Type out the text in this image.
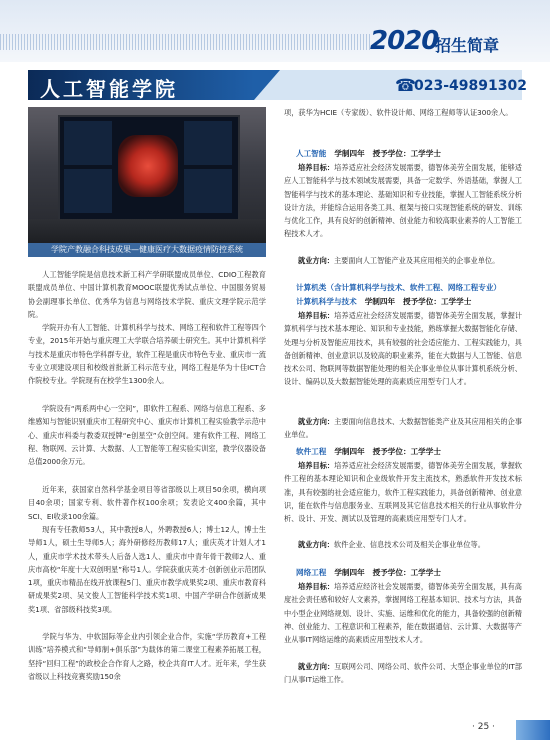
2020
招生简章
人工智能学院	☎
023-49891302
学院产教融合科技成果—健康医疗大数据疫情防控系统
人工智能学院是信息技术新工科产学研联盟成员单位、CDIO工程教育联盟成员单位、中国计算机教育MOOC联盟优秀试点单位、中国服务贸易协会副理事长单位、优秀华为信息与网络技术学院、重庆文理学院示范学院。
学院开办有人工智能、计算机科学与技术、网络工程和软件工程等四个专业，2015年开始与重庆理工大学联合培养硕士研究生。其中计算机科学与技术是重庆市特色学科群专业，软件工程是重庆市特色专业、重庆市一流专业立项建设项目和校级首批新工科示范专业，网络工程是华为十佳ICT合作院校专业。学院现有在校学生1300余人。
学院设有“两系两中心一空间”，即软件工程系、网络与信息工程系、多维感知与智能识别重庆市工程研究中心、重庆市计算机工程实验教学示范中心、重庆市科委与教委双授牌“e创星空”众创空间。建有软件工程、网络工程、物联网、云计算、大数据、人工智能等工程实验实训室，教学仪器设备总值2000余万元。
近年来，获国家自然科学基金项目等省部级以上项目50余项，横向项目40余项；国家专利、软件著作权100余项；发表论文400余篇，其中SCI、EI收录100余篇。
现有专任教师53人，其中教授8人，外聘教授6人；博士12人，博士生导师1人，硕士生导师5人；海外研修经历教师17人；重庆英才计划人才1人，重庆市学术技术带头人后备人选1人、重庆市中青年骨干教师2人、重庆市高校“年度十大双创明星”称号1人。学院获重庆英才·创新创业示范团队1项，重庆市精品在线开放课程5门、重庆市教学成果奖2项、重庆市教育科研成果奖2项、吴文俊人工智能科学技术奖1项、中国产学研合作创新成果奖1项、省部级科技奖3项。
学院与华为、中软国际等企业内引领企业合作，实施“学历教育+工程训练”培养模式和“导师制+俱乐部”为载体的第二课堂工程素养拓展工程，坚持“回归工程”的政校企合作育人之路，校企共育IT人才。近年来，学生获省级以上科技竞赛奖励150余
项，获华为HCIE（专家级）、软件设计师、网络工程师等认证300余人。
人工智能 学制四年 授予学位：工学学士
培养目标：培养适应社会经济发展需要，德智体美劳全面发展，能够适应人工智能科学与技术领域发展需要，具备一定数学、外语基础，掌握人工智能科学与技术的基本理论、基础知识和专业技能，掌握人工智能系统分析设计方法，并能综合运用各类工具、框架与接口实现智能系统的研发、训练与优化工作，具有良好的创新精神、创业能力和较高职业素养的人工智能工程技术人才。
就业方向：主要面向人工智能产业及其应用相关的企事业单位。
计算机类（含计算机科学与技术、软件工程、网络工程专业）
计算机科学与技术 学制四年 授予学位：工学学士
培养目标：培养适应社会经济发展需要，德智体美劳全面发展，掌握计算机科学与技术基本理论、知识和专业技能，熟练掌握大数据智能化存储、处理与分析及智能应用技术，具有较强的社会适应能力、工程实践能力，具备创新精神、创业意识以及较高的职业素养，能在大数据与人工智能、信息技术公司、物联网等数据智能处理的相关企事业单位从事计算机系统分析、设计、编码以及大数据智能处理的高素质应用型专门人才。
就业方向：主要面向信息技术、大数据智能类产业及其应用相关的企事业单位。
软件工程 学制四年 授予学位：工学学士
培养目标：培养适应社会经济发展需要，德智体美劳全面发展，掌握软件工程的基本理论知识和企业级软件开发主流技术，熟悉软件开发技术标准，具有较强的社会适应能力，软件工程实践能力，具备创新精神、创业意识，能在软件与信息服务业、互联网及其它信息技术相关的行业从事软件分析、设计、开发、测试以及管理的高素质应用型专门人才。
就业方向：软件企业、信息技术公司及相关企事业单位等。
网络工程 学制四年 授予学位：工学学士
培养目标：培养适应经济社会发展需要，德智体美劳全面发展，具有高度社会责任感和较好人文素养，掌握网络工程基本知识、技术与方法，具备中小型企业网络规划、设计、实施、运维和优化的能力，具备较强的创新精神、创业能力、工程意识和工程素养，能在数据通信、云计算、大数据等产业从事IT网络运维的高素质应用型技术人才。
就业方向：互联网公司、网络公司、软件公司、大型企事业单位的IT部门从事IT运维工作。
· 25 ·
